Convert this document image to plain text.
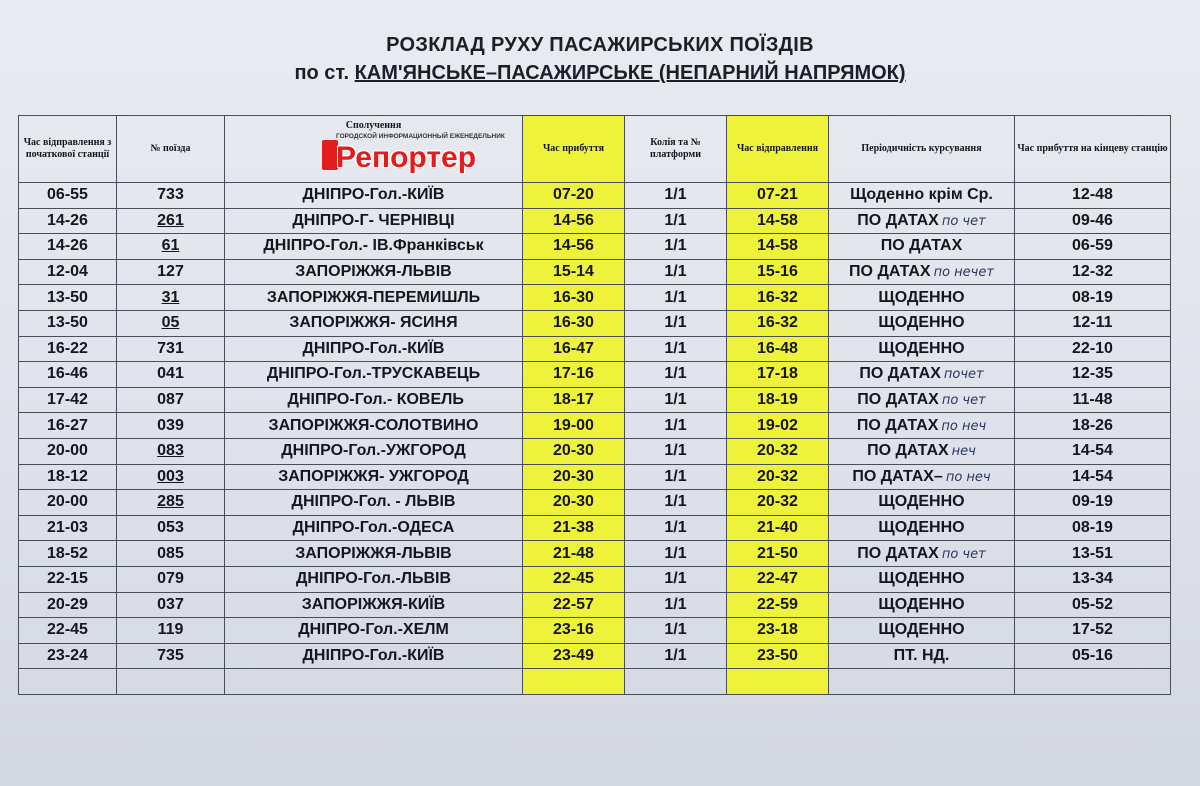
РОЗКЛАД РУХУ ПАСАЖИРСЬКИХ ПОЇЗДІВ
по ст. КАМ'ЯНСЬКЕ–ПАСАЖИРСЬКЕ (НЕПАРНИЙ НАПРЯМОК)
Час відправлення з початкової станції	№ поїзда	Сполучення	Час прибуття	Колія та № платформи	Час відправлення	Періодичність курсування	Час прибуття на кінцеву станцію
06-55	733	ДНІПРО-Гол.-КИЇВ	07-20	1/1	07-21	Щоденно крім Ср.	12-48
14-26	261	ДНІПРО-Г- ЧЕРНІВЦІ	14-56	1/1	14-58	ПО ДАТАХ по чет	09-46
14-26	61	ДНІПРО-Гол.- ІВ.Франківськ	14-56	1/1	14-58	ПО ДАТАХ	06-59
12-04	127	ЗАПОРІЖЖЯ-ЛЬВІВ	15-14	1/1	15-16	ПО ДАТАХ по нечет	12-32
13-50	31	ЗАПОРІЖЖЯ-ПЕРЕМИШЛЬ	16-30	1/1	16-32	ЩОДЕННО	08-19
13-50	05	ЗАПОРІЖЖЯ- ЯСИНЯ	16-30	1/1	16-32	ЩОДЕННО	12-11
16-22	731	ДНІПРО-Гол.-КИЇВ	16-47	1/1	16-48	ЩОДЕННО	22-10
16-46	041	ДНІПРО-Гол.-ТРУСКАВЕЦЬ	17-16	1/1	17-18	ПО ДАТАХ почет	12-35
17-42	087	ДНІПРО-Гол.- КОВЕЛЬ	18-17	1/1	18-19	ПО ДАТАХ по чет	11-48
16-27	039	ЗАПОРІЖЖЯ-СОЛОТВИНО	19-00	1/1	19-02	ПО ДАТАХ по неч	18-26
20-00	083	ДНІПРО-Гол.-УЖГОРОД	20-30	1/1	20-32	ПО ДАТАХ неч	14-54
18-12	003	ЗАПОРІЖЖЯ- УЖГОРОД	20-30	1/1	20-32	ПО ДАТАХ– по неч	14-54
20-00	285	ДНІПРО-Гол. - ЛЬВІВ	20-30	1/1	20-32	ЩОДЕННО	09-19
21-03	053	ДНІПРО-Гол.-ОДЕСА	21-38	1/1	21-40	ЩОДЕННО	08-19
18-52	085	ЗАПОРІЖЖЯ-ЛЬВІВ	21-48	1/1	21-50	ПО ДАТАХ по чет	13-51
22-15	079	ДНІПРО-Гол.-ЛЬВІВ	22-45	1/1	22-47	ЩОДЕННО	13-34
20-29	037	ЗАПОРІЖЖЯ-КИЇВ	22-57	1/1	22-59	ЩОДЕННО	05-52
22-45	119	ДНІПРО-Гол.-ХЕЛМ	23-16	1/1	23-18	ЩОДЕННО	17-52
23-24	735	ДНІПРО-Гол.-КИЇВ	23-49	1/1	23-50	ПТ. НД.	05-16

ГОРОДСКОЙ ИНФОРМАЦИОННЫЙ ЕЖЕНЕДЕЛЬНИК
Репортер
